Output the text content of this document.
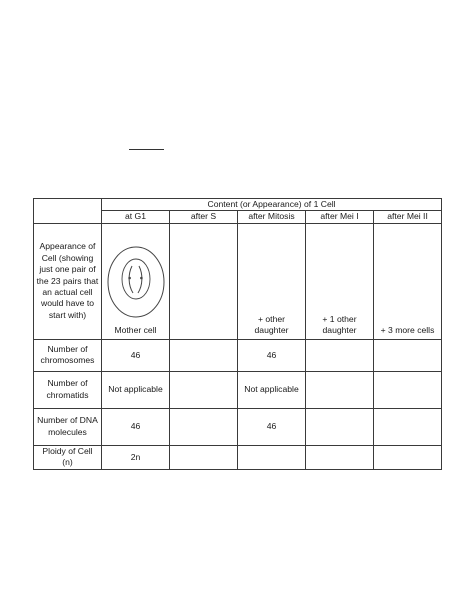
	Content (or Appearance) of 1 Cell				
	at G1	after S	after Mitosis	after Mei I	after Mei II
Appearance of Cell (showing just one pair of the 23 pairs that an actual cell would have to start with)	Mother cell		+ other daughter	+ 1 other daughter	+ 3 more cells
Number of chromosomes	46		46		
Number of chromatids	Not applicable		Not applicable		
Number of DNA molecules	46		46		
Ploidy of Cell (n)	2n				
